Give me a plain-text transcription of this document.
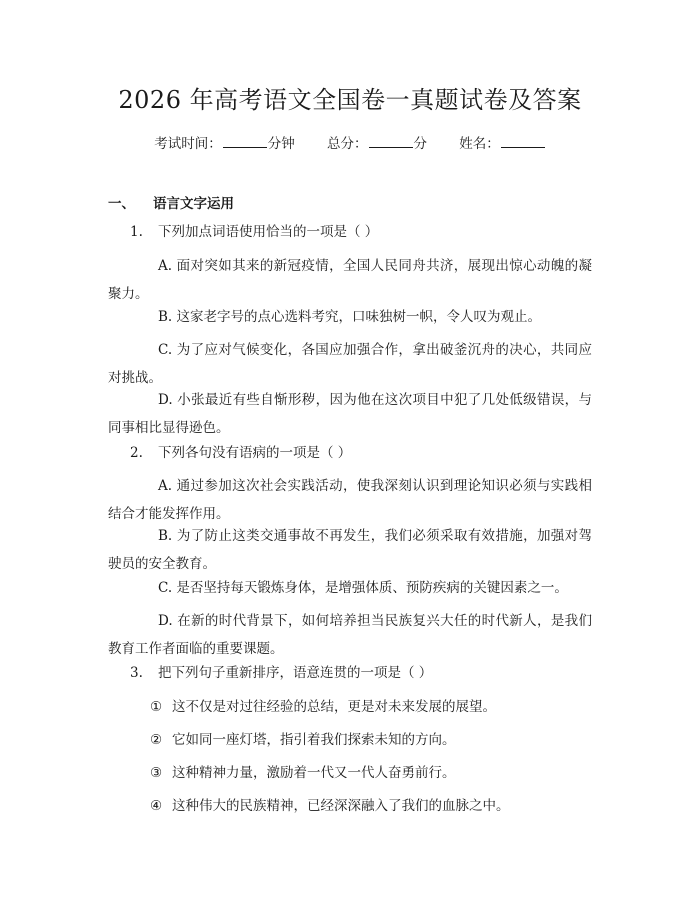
2026 年高考语文全国卷一真题试卷及答案
考试时间：	分钟 总分：	分 姓名：
一、 语言文字运用
1. 下列加点词语使用恰当的一项是（ ）
A. 面对突如其来的新冠疫情，全国人民同舟共济，展现出惊心动魄的凝
聚力。
B. 这家老字号的点心选料考究，口味独树一帜，令人叹为观止。
C. 为了应对气候变化，各国应加强合作，拿出破釜沉舟的决心，共同应
对挑战。
D. 小张最近有些自惭形秽，因为他在这次项目中犯了几处低级错误，与
同事相比显得逊色。
2. 下列各句没有语病的一项是（ ）
A. 通过参加这次社会实践活动，使我深刻认识到理论知识必须与实践相
结合才能发挥作用。
B. 为了防止这类交通事故不再发生，我们必须采取有效措施，加强对驾
驶员的安全教育。
C. 是否坚持每天锻炼身体，是增强体质、预防疾病的关键因素之一。
D. 在新的时代背景下，如何培养担当民族复兴大任的时代新人，是我们
教育工作者面临的重要课题。
3. 把下列句子重新排序，语意连贯的一项是（ ）
① 这不仅是对过往经验的总结，更是对未来发展的展望。
② 它如同一座灯塔，指引着我们探索未知的方向。
③ 这种精神力量，激励着一代又一代人奋勇前行。
④ 这种伟大的民族精神，已经深深融入了我们的血脉之中。
